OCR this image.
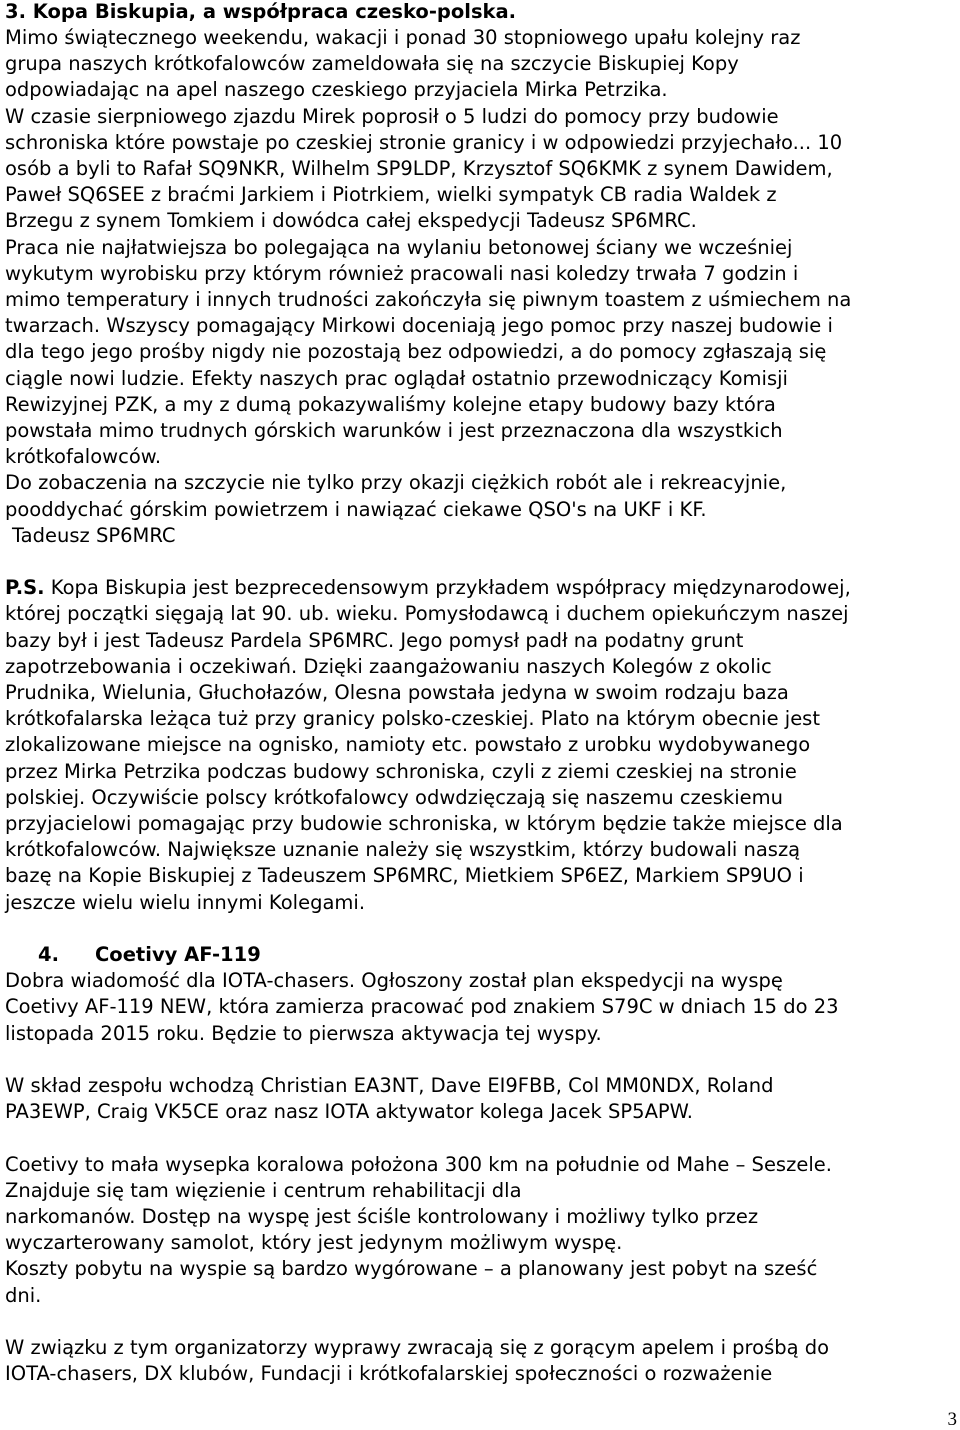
3. Kopa Biskupia, a współpraca czesko-polska.
Mimo świątecznego weekendu, wakacji i ponad 30 stopniowego upału kolejny raz
grupa naszych krótkofalowców zameldowała się na szczycie Biskupiej Kopy
odpowiadając na apel naszego czeskiego przyjaciela Mirka Petrzika.
W czasie sierpniowego zjazdu Mirek poprosił o 5 ludzi do pomocy przy budowie
schroniska które powstaje po czeskiej stronie granicy i w odpowiedzi przyjechało... 10
osób a byli to Rafał SQ9NKR, Wilhelm SP9LDP, Krzysztof SQ6KMK z synem Dawidem,
Paweł SQ6SEE z braćmi Jarkiem i Piotrkiem, wielki sympatyk CB radia Waldek z
Brzegu z synem Tomkiem i dowódca całej ekspedycji Tadeusz SP6MRC.
Praca nie najłatwiejsza bo polegająca na wylaniu betonowej ściany we wcześniej
wykutym wyrobisku przy którym również pracowali nasi koledzy trwała 7 godzin i
mimo temperatury i innych trudności zakończyła się piwnym toastem z uśmiechem na
twarzach. Wszyscy pomagający Mirkowi doceniają jego pomoc przy naszej budowie i
dla tego jego prośby nigdy nie pozostają bez odpowiedzi, a do pomocy zgłaszają się
ciągle nowi ludzie. Efekty naszych prac oglądał ostatnio przewodniczący Komisji
Rewizyjnej PZK, a my z dumą pokazywaliśmy kolejne etapy budowy bazy która
powstała mimo trudnych górskich warunków i jest przeznaczona dla wszystkich
krótkofalowców.
Do zobaczenia na szczycie nie tylko przy okazji ciężkich robót ale i rekreacyjnie,
pooddychać górskim powietrzem i nawiązać ciekawe QSO's na UKF i KF.
Tadeusz SP6MRC
P.S. Kopa Biskupia jest bezprecedensowym przykładem współpracy międzynarodowej,
której początki sięgają lat 90. ub. wieku. Pomysłodawcą i duchem opiekuńczym naszej
bazy był i jest Tadeusz Pardela SP6MRC. Jego pomysł padł na podatny grunt
zapotrzebowania i oczekiwań. Dzięki zaangażowaniu naszych Kolegów z okolic
Prudnika, Wielunia, Głuchołazów, Olesna powstała jedyna w swoim rodzaju baza
krótkofalarska leżąca tuż przy granicy polsko-czeskiej. Plato na którym obecnie jest
zlokalizowane miejsce na ognisko, namioty etc. powstało z urobku wydobywanego
przez Mirka Petrzika podczas budowy schroniska, czyli z ziemi czeskiej na stronie
polskiej. Oczywiście polscy krótkofalowcy odwdzięczają się naszemu czeskiemu
przyjacielowi pomagając przy budowie schroniska, w którym będzie także miejsce dla
krótkofalowców. Największe uznanie należy się wszystkim, którzy budowali naszą
bazę na Kopie Biskupiej z Tadeuszem SP6MRC, Mietkiem SP6EZ, Markiem SP9UO i
jeszcze wielu wielu innymi Kolegami.
4. Coetivy AF-119
Dobra wiadomość dla IOTA-chasers. Ogłoszony został plan ekspedycji na wyspę
Coetivy AF-119 NEW, która zamierza pracować pod znakiem S79C w dniach 15 do 23
listopada 2015 roku. Będzie to pierwsza aktywacja tej wyspy.
W skład zespołu wchodzą Christian EA3NT, Dave EI9FBB, Col MM0NDX, Roland
PA3EWP, Craig VK5CE oraz nasz IOTA aktywator kolega Jacek SP5APW.
Coetivy to mała wysepka koralowa położona 300 km na południe od Mahe – Seszele.
Znajduje się tam więzienie i centrum rehabilitacji dla
narkomanów. Dostęp na wyspę jest ściśle kontrolowany i możliwy tylko przez
wyczarterowany samolot, który jest jedynym możliwym wyspę.
Koszty pobytu na wyspie są bardzo wygórowane – a planowany jest pobyt na sześć
dni.
W związku z tym organizatorzy wyprawy zwracają się z gorącym apelem i prośbą do
IOTA-chasers, DX klubów, Fundacji i krótkofalarskiej społeczności o rozważenie
3
